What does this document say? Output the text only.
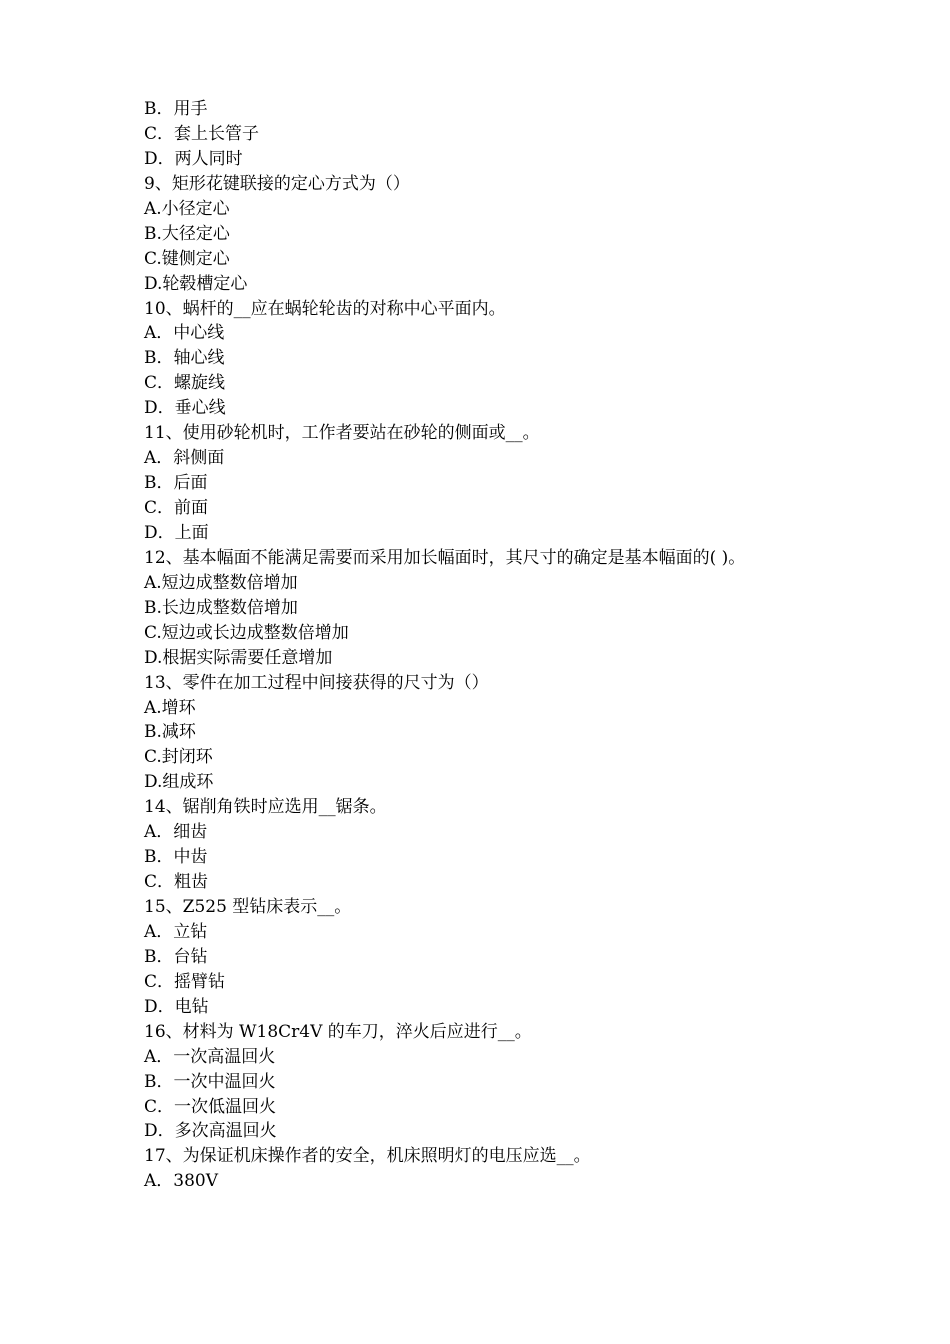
B．用手

C．套上长管子

D．两人同时

9、矩形花键联接的定心方式为（）

A.小径定心

B.大径定心

C.键侧定心

D.轮毂槽定心

10、蜗杆的__应在蜗轮轮齿的对称中心平面内。

A．中心线

B．轴心线

C．螺旋线

D．垂心线

11、使用砂轮机时，工作者要站在砂轮的侧面或__。

A．斜侧面

B．后面

C．前面

D．上面

12、基本幅面不能满足需要而采用加长幅面时，其尺寸的确定是基本幅面的( )。

A.短边成整数倍增加

B.长边成整数倍增加

C.短边或长边成整数倍增加

D.根据实际需要任意增加

13、零件在加工过程中间接获得的尺寸为（）

A.增环

B.减环

C.封闭环

D.组成环

14、锯削角铁时应选用__锯条。

A．细齿

B．中齿

C．粗齿

15、Z525 型钻床表示__。

A．立钻

B．台钻

C．摇臂钻

D．电钻

16、材料为 W18Cr4V 的车刀，淬火后应进行__。

A．一次高温回火

B．一次中温回火

C．一次低温回火

D．多次高温回火

17、为保证机床操作者的安全，机床照明灯的电压应选__。

A．380V
